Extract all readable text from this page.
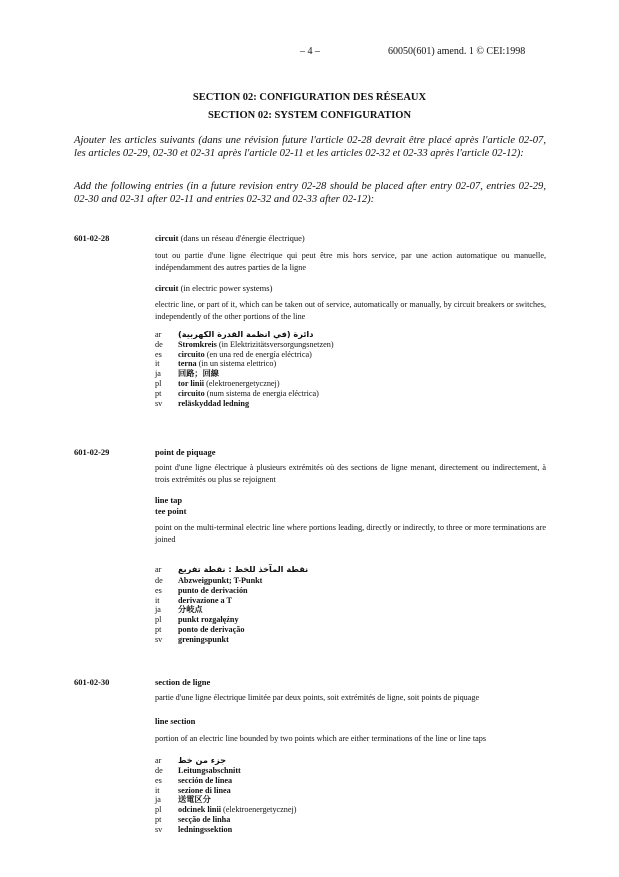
– 4 –	60050(601) amend. 1 © CEI:1998
SECTION 02: CONFIGURATION DES RÉSEAUX
SECTION 02: SYSTEM CONFIGURATION
Ajouter les articles suivants (dans une révision future l'article 02-28 devrait être placé après l'article 02-07, les articles 02-29, 02-30 et 02-31 après l'article 02-11 et les articles 02-32 et 02-33 après l'article 02-12):
Add the following entries (in a future revision entry 02-28 should be placed after entry 02-07, entries 02-29, 02-30 and 02-31 after 02-11 and entries 02-32 and 02-33 after 02-12):
601-02-28	circuit (dans un réseau d'énergie électrique)
tout ou partie d'une ligne électrique qui peut être mis hors service, par une action automatique ou manuelle, indépendamment des autres parties de la ligne
circuit (in electric power systems)
electric line, or part of it, which can be taken out of service, automatically or manually, by circuit breakers or switches, independently of the other portions of the line
ar دائرة (في انظمة القدرة الكهربية)
de Stromkreis (in Elektrizitätsversorgungsnetzen)
es circuito (en una red de energía eléctrica)
it terna (in un sistema elettrico)
ja 回路；回線
pl tor linii (elektroenergetycznej)
pt circuito (num sistema de energia eléctrica)
sv reläskyddad ledning
601-02-29	point de piquage
point d'une ligne électrique à plusieurs extrémités où des sections de ligne menant, directement ou indirectement, à trois extrémités ou plus se rejoignent
line tap
tee point
point on the multi-terminal electric line where portions leading, directly or indirectly, to three or more terminations are joined
ar نقطة المآخذ للخط : نقطة تفريع
de Abzweigpunkt; T-Punkt
es punto de derivación
it derivazione a T
ja 分岐点
pl punkt rozgałęźny
pt ponto de derivação
sv greningspunkt
601-02-30	section de ligne
partie d'une ligne électrique limitée par deux points, soit extrémités de ligne, soit points de piquage
line section
portion of an electric line bounded by two points which are either terminations of the line or line taps
ar جزء من خط
de Leitungsabschnitt
es sección de línea
it sezione di linea
ja 送電区分
pl odcinek linii (elektroenergetycznej)
pt secção de linha
sv ledningssektion
